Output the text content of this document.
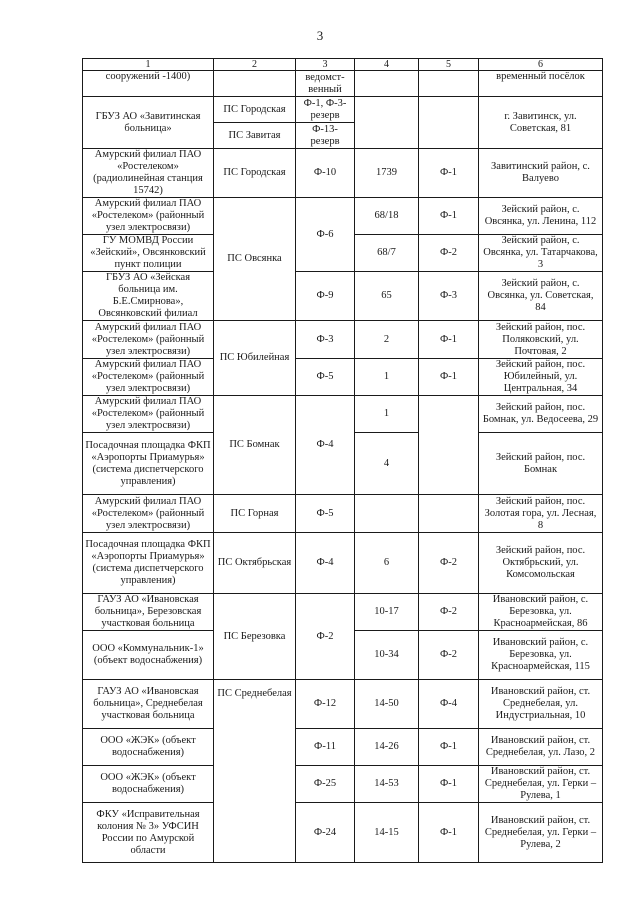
3
1	2	3	4	5	6
сооружений -1400)		ведомст-венный			временный посёлок
ГБУЗ АО «Завитинская больница»	ПС Городская	Ф-1, Ф-3-резерв			г. Завитинск, ул. Советская, 81
	ПС Завитая	Ф-13-резерв			
Амурский филиал ПАО «Ростелеком» (радиолинейная станция 15742)	ПС Городская	Ф-10	1739	Ф-1	Завитинский район, с. Валуево
Амурский филиал ПАО «Ростелеком» (районный узел электросвязи)	ПС Овсянка	Ф-6	68/18	Ф-1	Зейский район, с. Овсянка, ул. Ленина, 112
ГУ МОМВД России «Зейский», Овсянковский пункт полиции			68/7	Ф-2	Зейский район, с. Овсянка, ул. Татарчакова, 3
ГБУЗ АО «Зейская больница им. Б.Е.Смирнова», Овсянковский филиал		Ф-9	65	Ф-3	Зейский район, с. Овсянка, ул. Советская, 84
Амурский филиал ПАО «Ростелеком» (районный узел электросвязи)	ПС Юбилейная	Ф-3	2	Ф-1	Зейский район, пос. Поляковский, ул. Почтовая, 2
Амурский филиал ПАО «Ростелеком» (районный узел электросвязи)		Ф-5	1	Ф-1	Зейский район, пос. Юбилейный, ул. Центральная, 34
Амурский филиал ПАО «Ростелеком» (районный узел электросвязи)	ПС Бомнак	Ф-4	1		Зейский район, пос. Бомнак, ул. Ведосеева, 29
Посадочная площадка ФКП «Аэропорты Приамурья» (система диспетчерского управления)			4		Зейский район, пос. Бомнак
Амурский филиал ПАО «Ростелеком» (районный узел электросвязи)	ПС Горная	Ф-5			Зейский район, пос. Золотая гора, ул. Лесная, 8
Посадочная площадка ФКП «Аэропорты Приамурья» (система диспетчерского управления)	ПС Октябрьская	Ф-4	6	Ф-2	Зейский район, пос. Октябрьский, ул. Комсомольская
ГАУЗ АО «Ивановская больница», Березовская участковая больница	ПС Березовка	Ф-2	10-17	Ф-2	Ивановский район, с. Березовка, ул. Красноармейская, 86
ООО «Коммунальник-1» (объект водоснабжения)			10-34	Ф-2	Ивановский район, с. Березовка, ул. Красноармейская, 115
ГАУЗ АО «Ивановская больница», Среднебелая участковая больница	ПС Среднебелая	Ф-12	14-50	Ф-4	Ивановский район, ст. Среднебелая, ул. Индустриальная, 10
ООО «ЖЭК» (объект водоснабжения)		Ф-11	14-26	Ф-1	Ивановский район, ст. Среднебелая, ул. Лазо, 2
ООО «ЖЭК» (объект водоснабжения)		Ф-25	14-53	Ф-1	Ивановский район, ст. Среднебелая, ул. Герки – Рулева, 1
ФКУ «Исправительная колония № 3» УФСИН России по Амурской области		Ф-24	14-15	Ф-1	Ивановский район, ст. Среднебелая, ул. Герки – Рулева, 2
